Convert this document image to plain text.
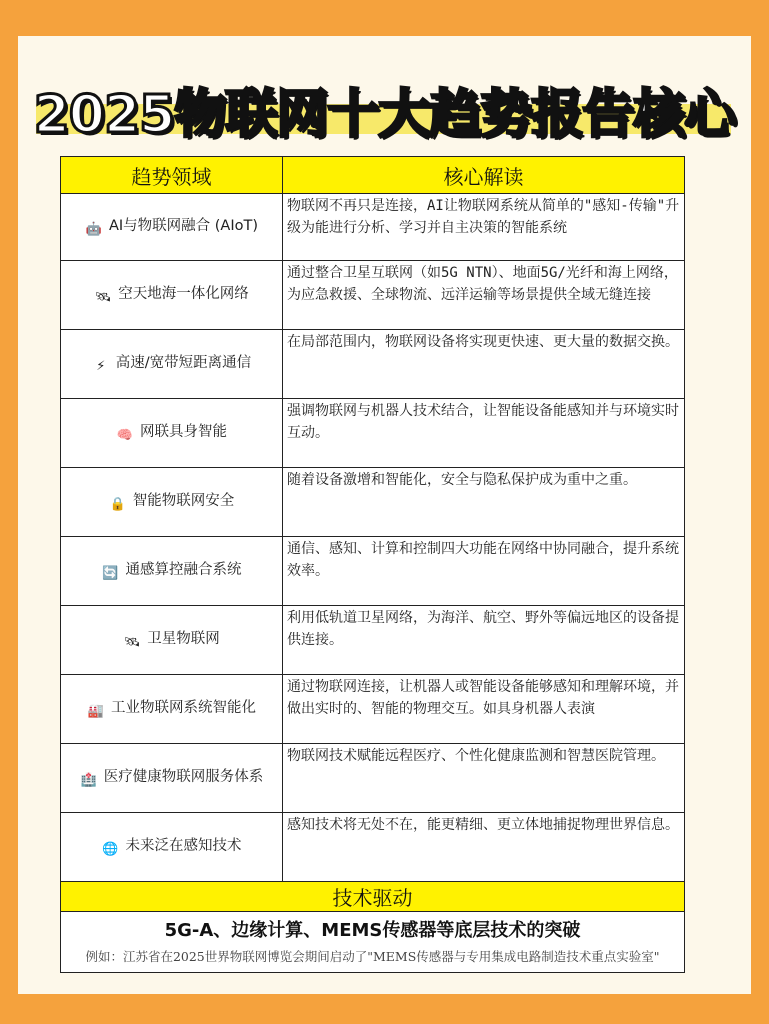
2025物联网十大趋势报告核心
趋势领域	核心解读
🤖 AI与物联网融合 (AIoT)	物联网不再只是连接，AI让物联网系统从简单的"感知-传输"升级为能进行分析、学习并自主决策的智能系统
🛰 空天地海一体化网络	通过整合卫星互联网（如5G NTN）、地面5G/光纤和海上网络，为应急救援、全球物流、远洋运输等场景提供全域无缝连接
⚡ 高速/宽带短距离通信	在局部范围内，物联网设备将实现更快速、更大量的数据交换。
🧠 网联具身智能	强调物联网与机器人技术结合，让智能设备能感知并与环境实时互动。
🔒 智能物联网安全	随着设备激增和智能化，安全与隐私保护成为重中之重。
🔄 通感算控融合系统	通信、感知、计算和控制四大功能在网络中协同融合，提升系统效率。
🛰 卫星物联网	利用低轨道卫星网络，为海洋、航空、野外等偏远地区的设备提供连接。
🏭 工业物联网系统智能化	通过物联网连接，让机器人或智能设备能够感知和理解环境，并做出实时的、智能的物理交互。如具身机器人表演
🏥 医疗健康物联网服务体系	物联网技术赋能远程医疗、个性化健康监测和智慧医院管理。
🌐 未来泛在感知技术	感知技术将无处不在，能更精细、更立体地捕捉物理世界信息。
技术驱动	

5G-A、边缘计算、MEMS传感器等底层技术的突破
例如：江苏省在2025世界物联网博览会期间启动了"MEMS传感器与专用集成电路制造技术重点实验室"	
